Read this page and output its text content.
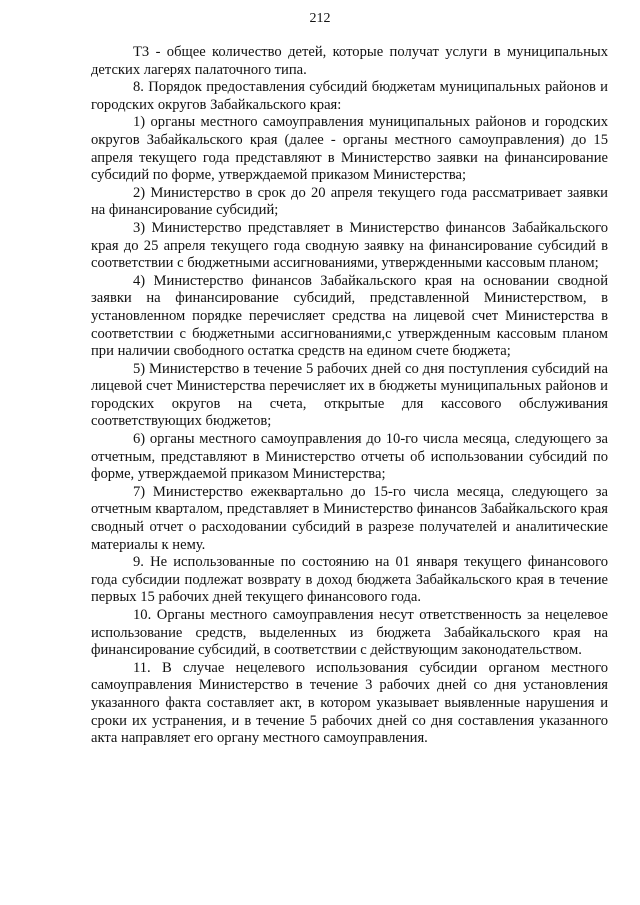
212

Т3 - общее количество детей, которые получат услуги в муниципальных детских лагерях палаточного типа.

8. Порядок предоставления субсидий бюджетам муниципальных районов и городских округов Забайкальского края:

1) органы местного самоуправления муниципальных районов и городских округов Забайкальского края (далее - органы местного самоуправления) до 15 апреля текущего года представляют в Министерство заявки на финансирование субсидий по форме, утверждаемой приказом Министерства;

2) Министерство в срок до 20 апреля текущего года рассматривает заявки на финансирование субсидий;

3) Министерство представляет в Министерство финансов Забайкальского края до 25 апреля текущего года сводную заявку на финансирование субсидий в соответствии с бюджетными ассигнованиями, утвержденными кассовым планом;

4) Министерство финансов Забайкальского края на основании сводной заявки на финансирование субсидий, представленной Министерством, в установленном порядке перечисляет средства на лицевой счет Министерства в соответствии с бюджетными ассигнованиями,с утвержденным кассовым планом при наличии свободного остатка средств на едином счете бюджета;

5) Министерство в течение 5 рабочих дней со дня поступления субсидий на лицевой счет Министерства перечисляет их в бюджеты муниципальных районов и городских округов на счета, открытые для кассового обслуживания соответствующих бюджетов;

6) органы местного самоуправления до 10-го числа месяца, следующего за отчетным, представляют в Министерство отчеты об использовании субсидий по форме, утверждаемой приказом Министерства;

7) Министерство ежеквартально до 15-го числа месяца, следующего за отчетным кварталом, представляет в Министерство финансов Забайкальского края сводный отчет о расходовании субсидий в разрезе получателей и аналитические материалы к нему.

9. Не использованные по состоянию на 01 января текущего финансового года субсидии подлежат возврату в доход бюджета Забайкальского края в течение первых 15 рабочих дней текущего финансового года.

10. Органы местного самоуправления несут ответственность за нецелевое использование средств, выделенных из бюджета Забайкальского края на финансирование субсидий, в соответствии с действующим законодательством.

11. В случае нецелевого использования субсидии органом местного самоуправления Министерство в течение 3 рабочих дней со дня установления указанного факта составляет акт, в котором указывает выявленные нарушения и сроки их устранения, и в течение 5 рабочих дней со дня составления указанного акта направляет его органу местного самоуправления.
